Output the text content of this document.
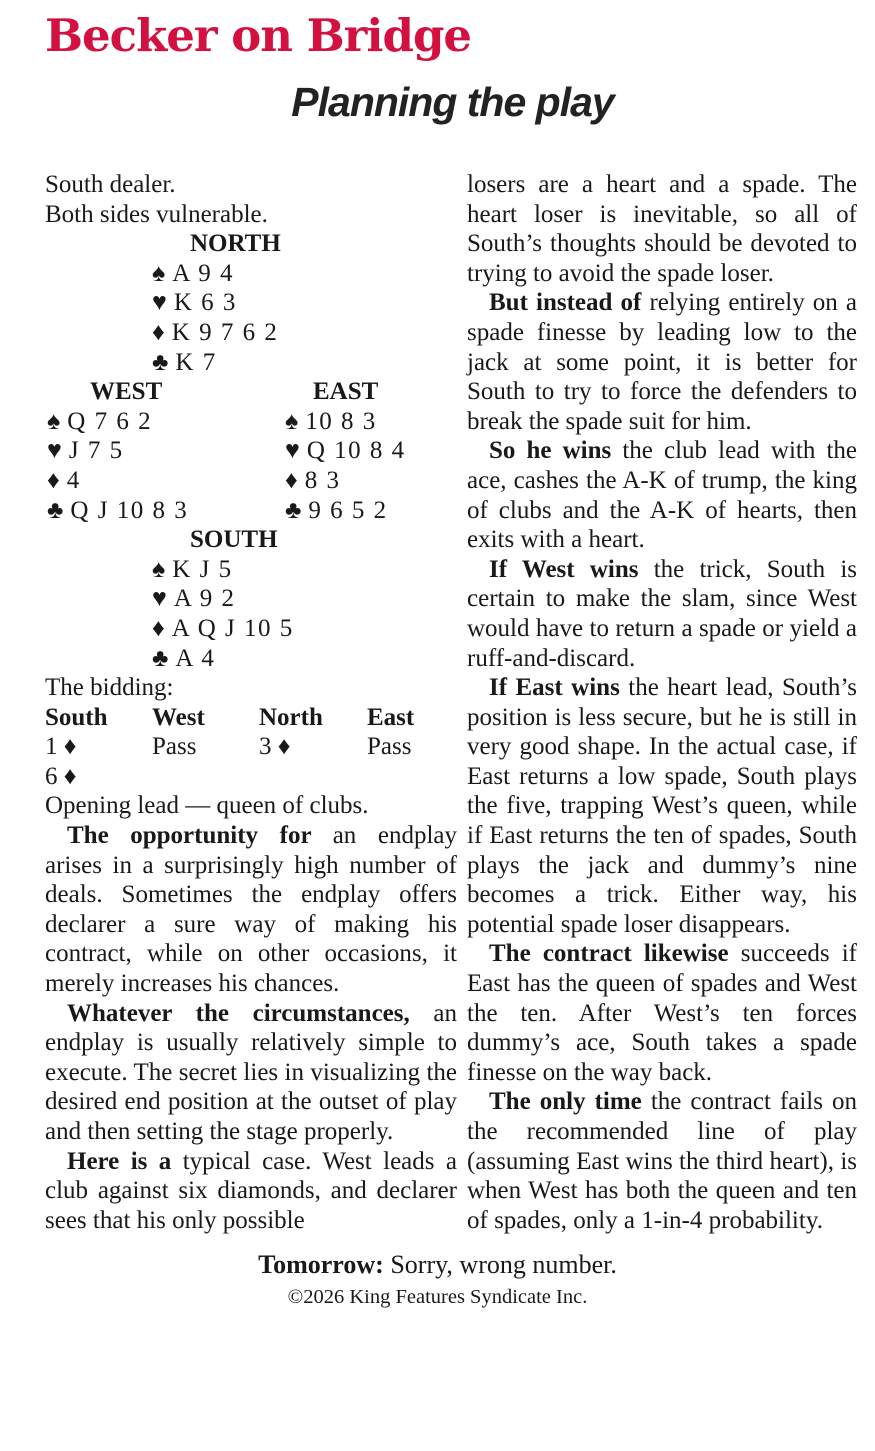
Becker on Bridge
Planning the play
South dealer.
Both sides vulnerable.
NORTH
♠ A 9 4
♥ K 6 3
♦ K 9 7 6 2
♣ K 7
WEST
♠ Q 7 6 2
♥ J 7 5
♦ 4
♣ Q J 10 8 3
EAST
♠ 10 8 3
♥ Q 10 8 4
♦ 8 3
♣ 9 6 5 2
SOUTH
♠ K J 5
♥ A 9 2
♦ A Q J 10 5
♣ A 4
The bidding:
South	West	North	East
1 ♦	Pass	3 ♦	Pass
6 ♦
Opening lead — queen of clubs.

The opportunity for an endplay arises in a surprisingly high number of deals. Sometimes the endplay offers declarer a sure way of making his contract, while on other occasions, it merely increases his chances.

Whatever the circumstances, an endplay is usually relatively simple to execute. The secret lies in visualizing the desired end position at the outset of play and then setting the stage properly.

Here is a typical case. West leads a club against six diamonds, and declarer sees that his only possible

losers are a heart and a spade. The heart loser is inevitable, so all of South’s thoughts should be devoted to trying to avoid the spade loser.

But instead of relying entirely on a spade finesse by leading low to the jack at some point, it is better for South to try to force the defenders to break the spade suit for him.

So he wins the club lead with the ace, cashes the A-K of trump, the king of clubs and the A-K of hearts, then exits with a heart.

If West wins the trick, South is certain to make the slam, since West would have to return a spade or yield a ruff-and-discard.

If East wins the heart lead, South’s position is less secure, but he is still in very good shape. In the actual case, if East returns a low spade, South plays the five, trapping West’s queen, while if East returns the ten of spades, South plays the jack and dummy’s nine becomes a trick. Either way, his potential spade loser disappears.

The contract likewise succeeds if East has the queen of spades and West the ten. After West’s ten forces dummy’s ace, South takes a spade finesse on the way back.

The only time the contract fails on the recommended line of play (assuming East wins the third heart), is when West has both the queen and ten of spades, only a 1-in-4 probability.

Tomorrow: Sorry, wrong number.
©2026 King Features Syndicate Inc.
